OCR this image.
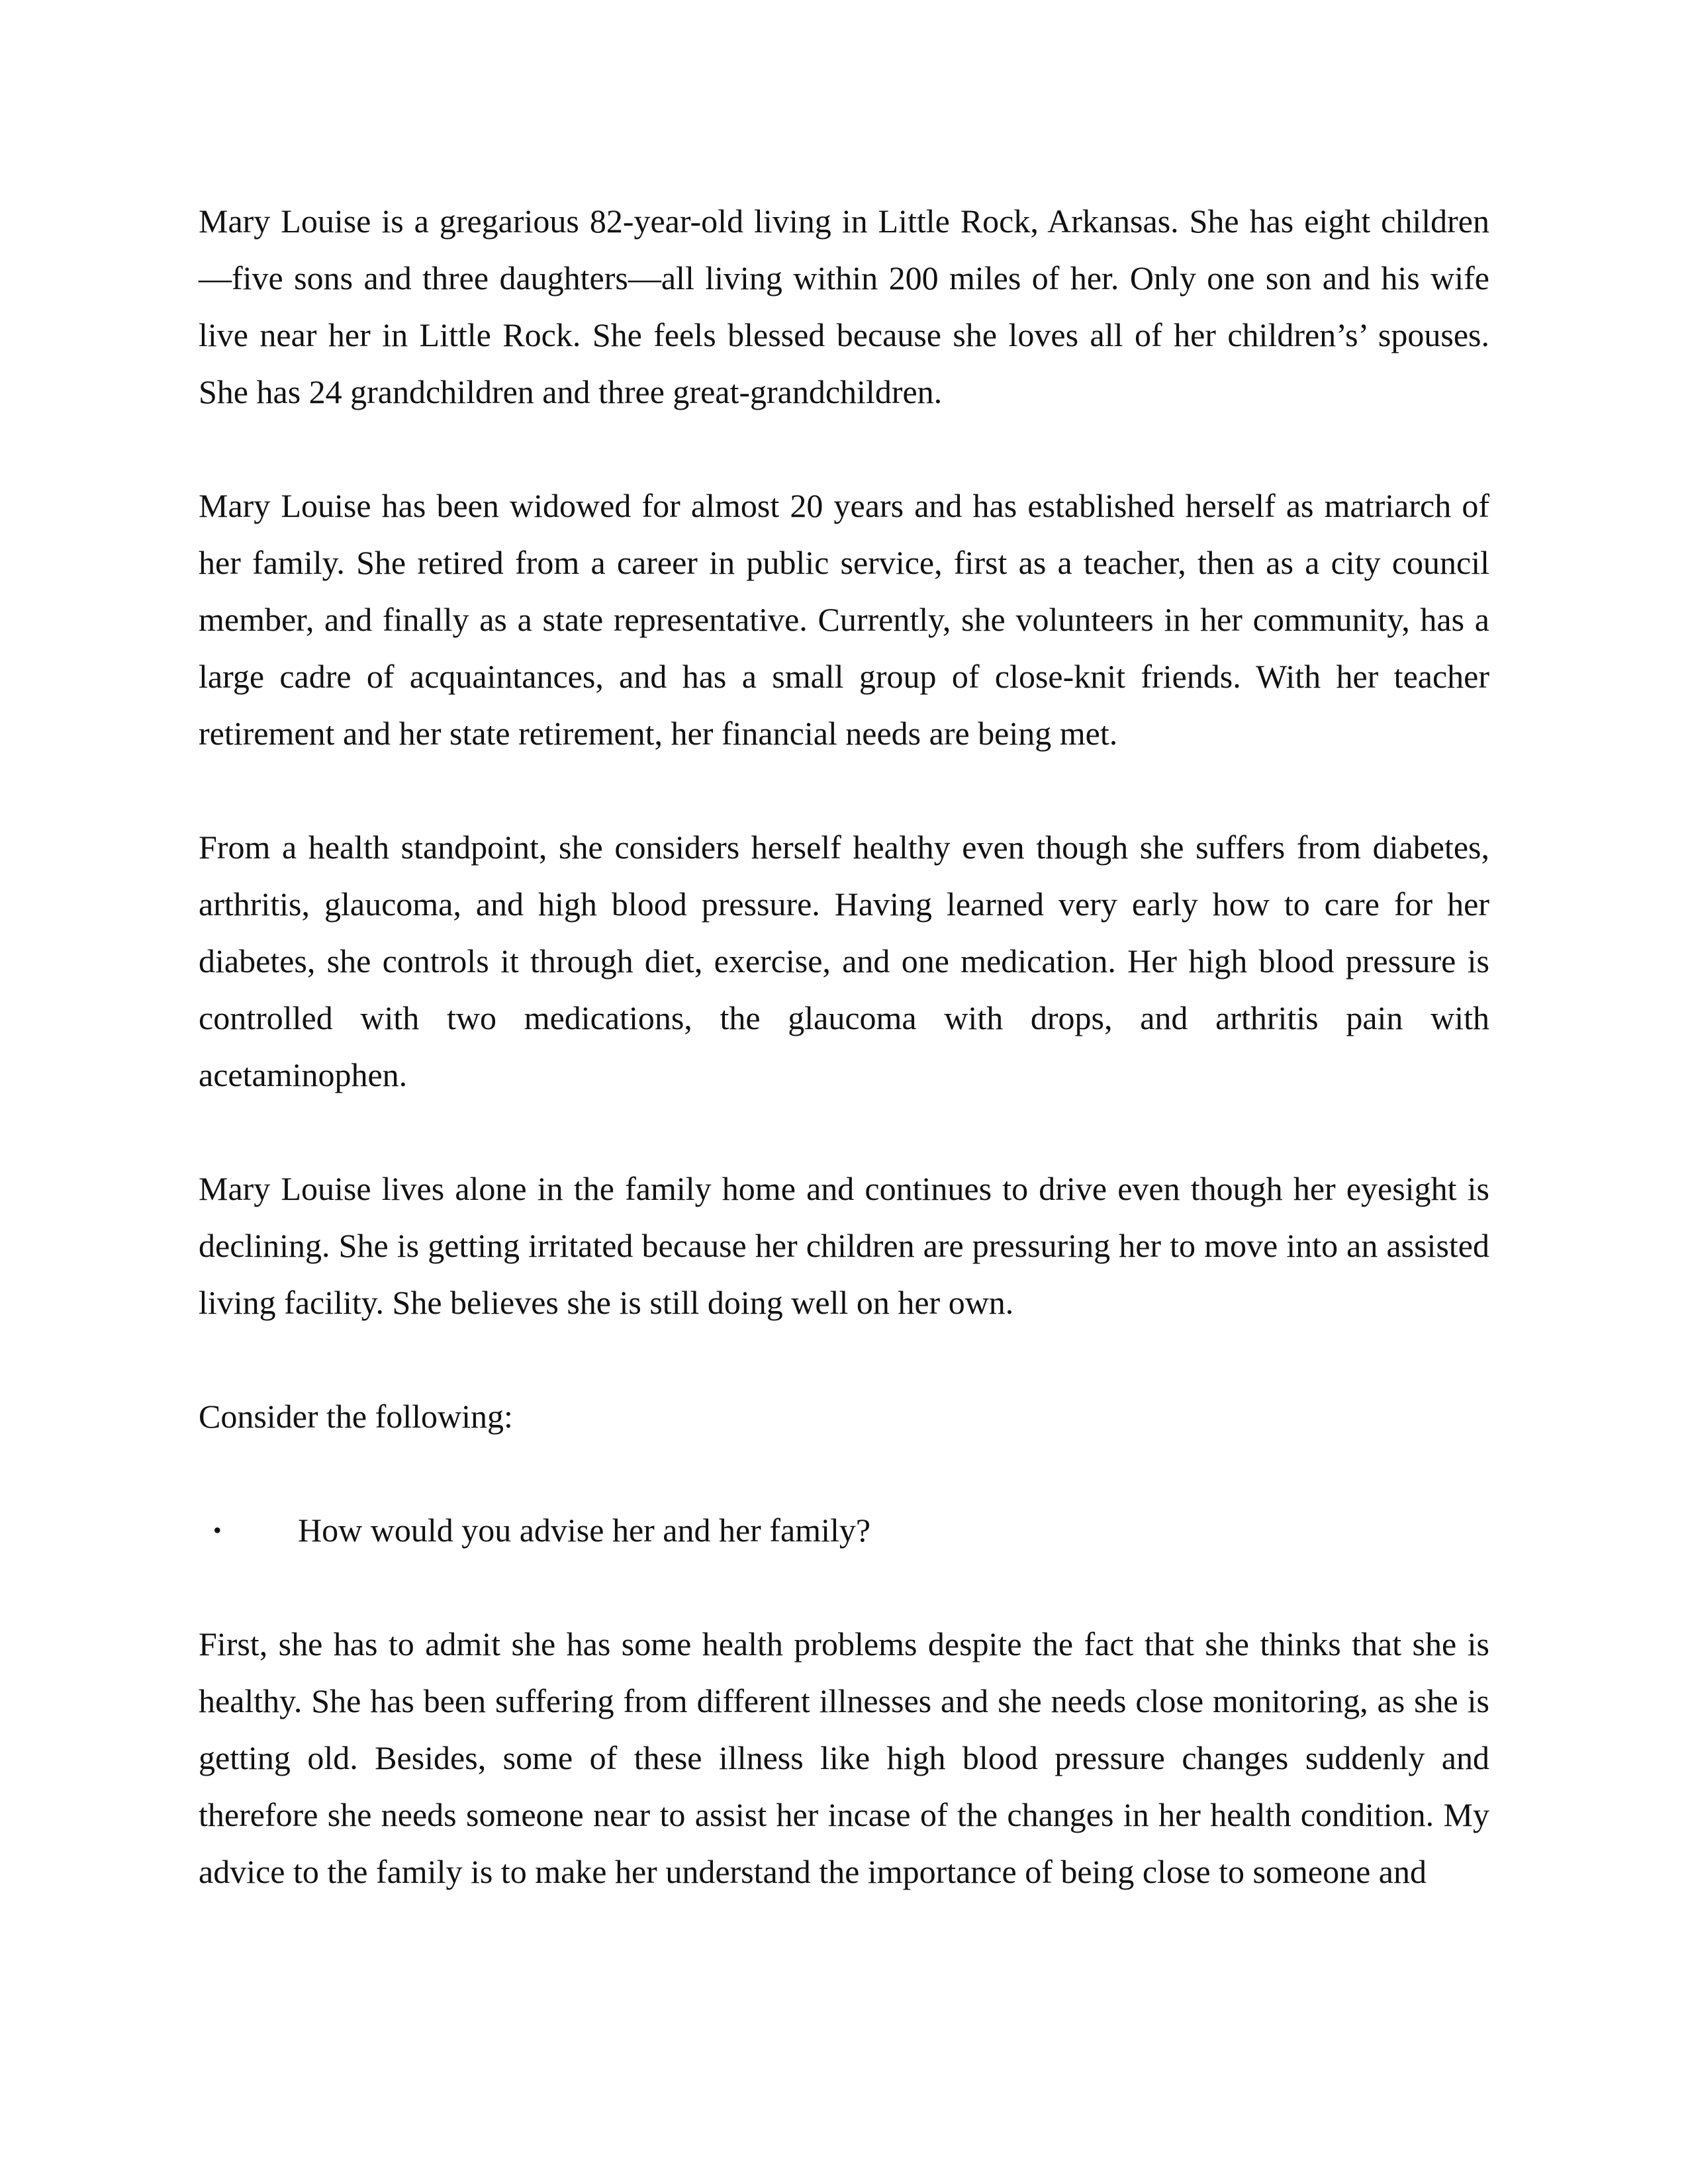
Mary Louise is a gregarious 82-year-old living in Little Rock, Arkansas. She has eight children —five sons and three daughters—all living within 200 miles of her. Only one son and his wife live near her in Little Rock. She feels blessed because she loves all of her children’s’ spouses. She has 24 grandchildren and three great-grandchildren.

Mary Louise has been widowed for almost 20 years and has established herself as matriarch of her family. She retired from a career in public service, first as a teacher, then as a city council member, and finally as a state representative. Currently, she volunteers in her community, has a large cadre of acquaintances, and has a small group of close-knit friends. With her teacher retirement and her state retirement, her financial needs are being met.

From a health standpoint, she considers herself healthy even though she suffers from diabetes, arthritis, glaucoma, and high blood pressure. Having learned very early how to care for her diabetes, she controls it through diet, exercise, and one medication. Her high blood pressure is controlled with two medications, the glaucoma with drops, and arthritis pain with acetaminophen.

Mary Louise lives alone in the family home and continues to drive even though her eyesight is declining. She is getting irritated because her children are pressuring her to move into an assisted living facility. She believes she is still doing well on her own.

Consider the following:

• How would you advise her and her family?

First, she has to admit she has some health problems despite the fact that she thinks that she is healthy. She has been suffering from different illnesses and she needs close monitoring, as she is getting old. Besides, some of these illness like high blood pressure changes suddenly and therefore she needs someone near to assist her incase of the changes in her health condition. My advice to the family is to make her understand the importance of being close to someone and
